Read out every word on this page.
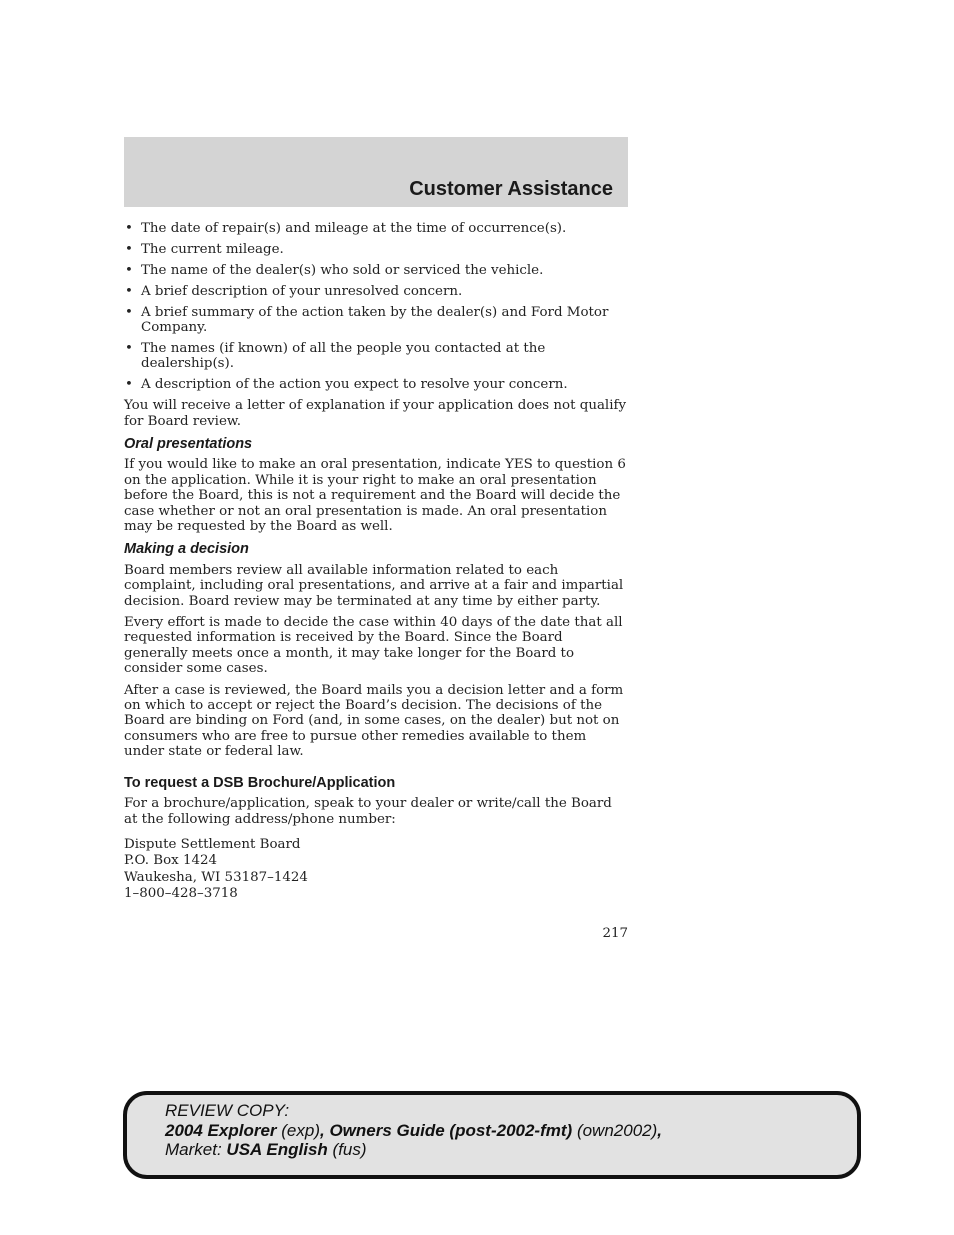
Customer Assistance
• The date of repair(s) and mileage at the time of occurrence(s).
• The current mileage.
• The name of the dealer(s) who sold or serviced the vehicle.
• A brief description of your unresolved concern.
• A brief summary of the action taken by the dealer(s) and Ford Motor Company.
• The names (if known) of all the people you contacted at the dealership(s).
• A description of the action you expect to resolve your concern.

You will receive a letter of explanation if your application does not qualify for Board review.

Oral presentations

If you would like to make an oral presentation, indicate YES to question 6 on the application. While it is your right to make an oral presentation before the Board, this is not a requirement and the Board will decide the case whether or not an oral presentation is made. An oral presentation may be requested by the Board as well.

Making a decision

Board members review all available information related to each complaint, including oral presentations, and arrive at a fair and impartial decision. Board review may be terminated at any time by either party.

Every effort is made to decide the case within 40 days of the date that all requested information is received by the Board. Since the Board generally meets once a month, it may take longer for the Board to consider some cases.

After a case is reviewed, the Board mails you a decision letter and a form on which to accept or reject the Board’s decision. The decisions of the Board are binding on Ford (and, in some cases, on the dealer) but not on consumers who are free to pursue other remedies available to them under state or federal law.

To request a DSB Brochure/Application

For a brochure/application, speak to your dealer or write/call the Board at the following address/phone number:

Dispute Settlement Board
P.O. Box 1424
Waukesha, WI 53187–1424
1–800–428–3718
217
REVIEW COPY:
2004 Explorer (exp), Owners Guide (post-2002-fmt) (own2002),
Market: USA English (fus)
